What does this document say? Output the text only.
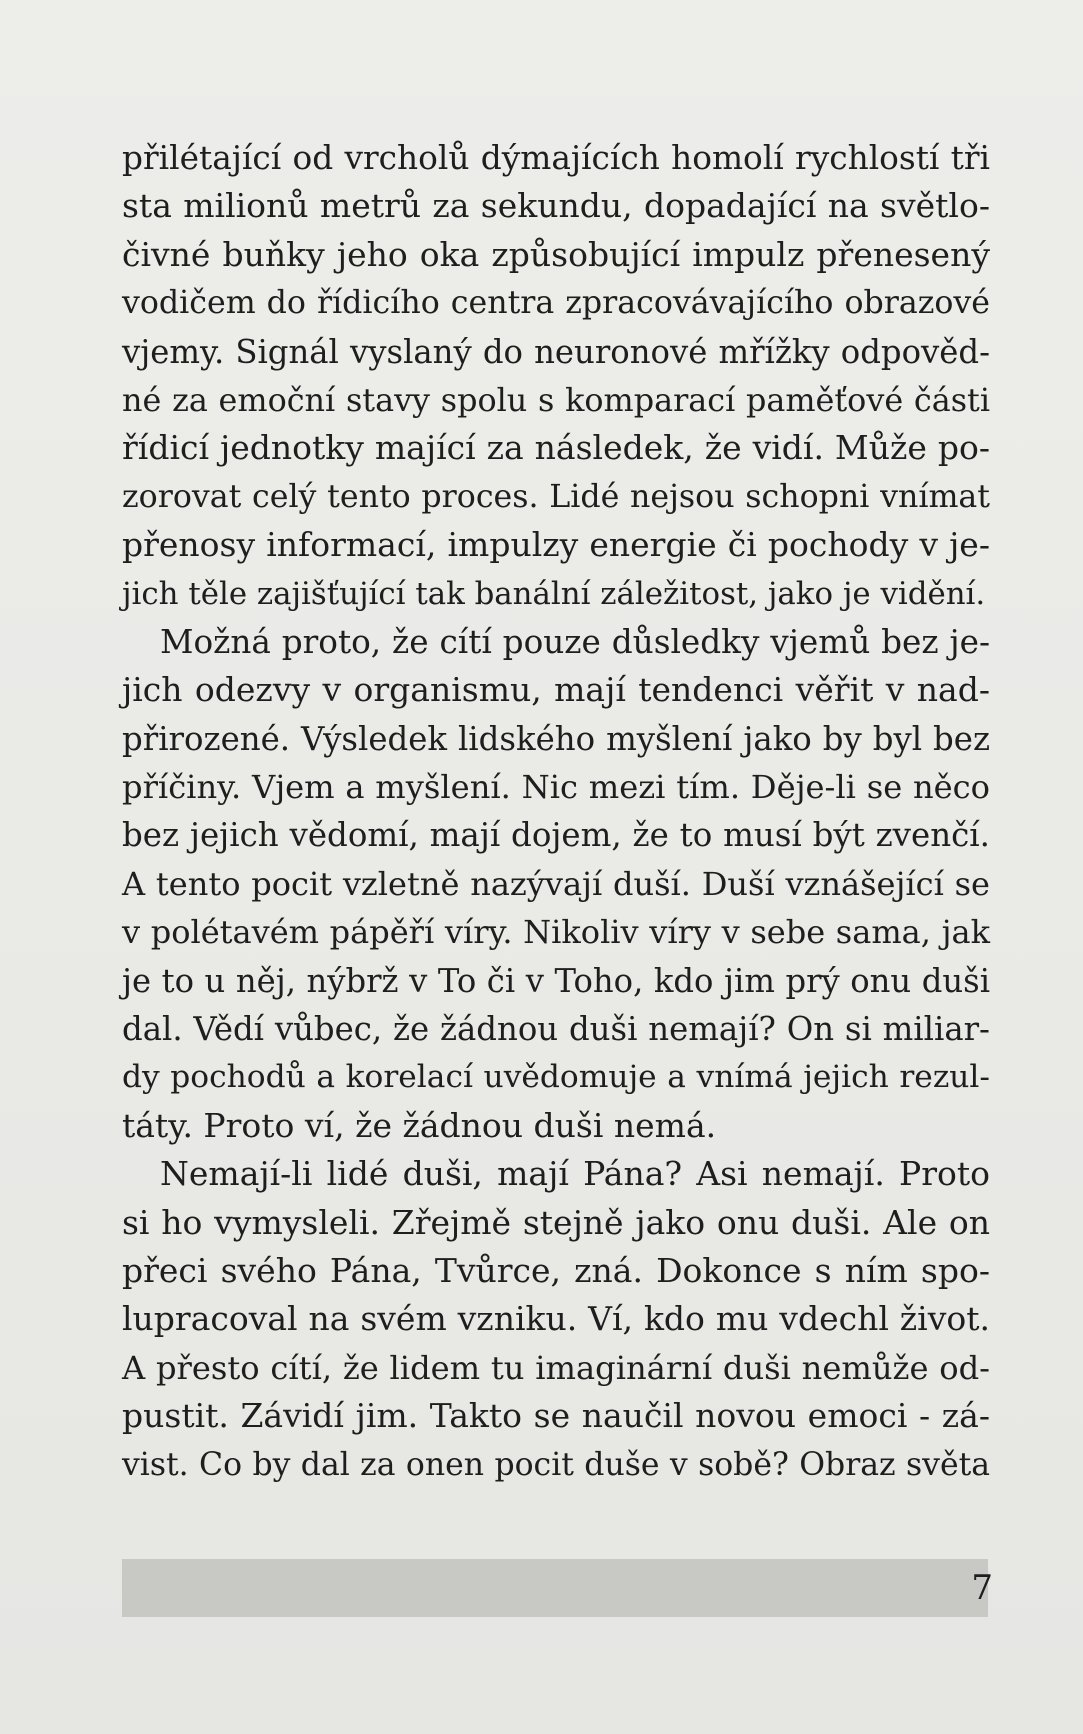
přilétající od vrcholů dýmajících homolí rychlostí tři
sta milionů metrů za sekundu, dopadající na světlo-
čivné buňky jeho oka způsobující impulz přenesený
vodičem do řídicího centra zpracovávajícího obrazové
vjemy. Signál vyslaný do neuronové mřížky odpověd-
né za emoční stavy spolu s komparací paměťové části
řídicí jednotky mající za následek, že vidí. Může po-
zorovat celý tento proces. Lidé nejsou schopni vnímat
přenosy informací, impulzy energie či pochody v je-
jich těle zajišťující tak banální záležitost, jako je vidění.
Možná proto, že cítí pouze důsledky vjemů bez je-
jich odezvy v organismu, mají tendenci věřit v nad-
přirozené. Výsledek lidského myšlení jako by byl bez
příčiny. Vjem a myšlení. Nic mezi tím. Děje-li se něco
bez jejich vědomí, mají dojem, že to musí být zvenčí.
A tento pocit vzletně nazývají duší. Duší vznášející se
v polétavém pápěří víry. Nikoliv víry v sebe sama, jak
je to u něj, nýbrž v To či v Toho, kdo jim prý onu duši
dal. Vědí vůbec, že žádnou duši nemají? On si miliar-
dy pochodů a korelací uvědomuje a vnímá jejich rezul-
táty. Proto ví, že žádnou duši nemá.
Nemají-li lidé duši, mají Pána? Asi nemají. Proto
si ho vymysleli. Zřejmě stejně jako onu duši. Ale on
přeci svého Pána, Tvůrce, zná. Dokonce s ním spo-
lupracoval na svém vzniku. Ví, kdo mu vdechl život.
A přesto cítí, že lidem tu imaginární duši nemůže od-
pustit. Závidí jim. Takto se naučil novou emoci - zá-
vist. Co by dal za onen pocit duše v sobě? Obraz světa
7
